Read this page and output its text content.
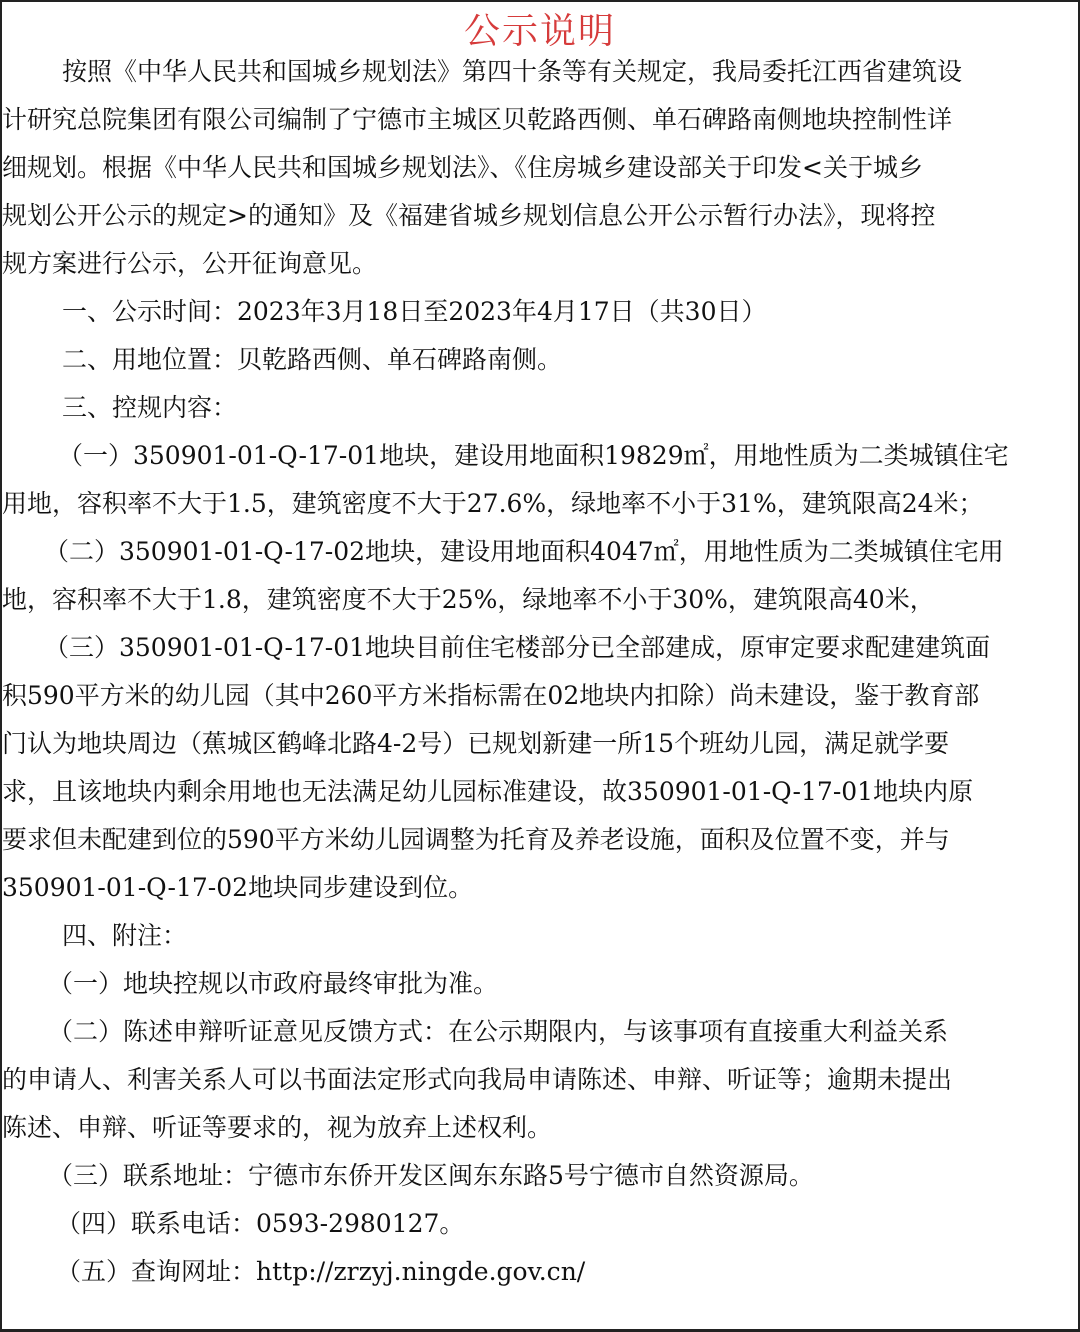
公示说明
按照《中华人民共和国城乡规划法》第四十条等有关规定，我局委托江西省建筑设
计研究总院集团有限公司编制了宁德市主城区贝乾路西侧、单石碑路南侧地块控制性详
细规划。根据《中华人民共和国城乡规划法》、《住房城乡建设部关于印发<关于城乡
规划公开公示的规定>的通知》及《福建省城乡规划信息公开公示暂行办法》，现将控
规方案进行公示，公开征询意见。
一、公示时间：2023年3月18日至2023年4月17日（共30日）
二、用地位置：贝乾路西侧、单石碑路南侧。
三、控规内容：
（一）350901-01-Q-17-01地块，建设用地面积19829㎡，用地性质为二类城镇住宅
用地，容积率不大于1.5，建筑密度不大于27.6%，绿地率不小于31%，建筑限高24米；
（二）350901-01-Q-17-02地块，建设用地面积4047㎡，用地性质为二类城镇住宅用
地，容积率不大于1.8，建筑密度不大于25%，绿地率不小于30%，建筑限高40米，
（三）350901-01-Q-17-01地块目前住宅楼部分已全部建成，原审定要求配建建筑面
积590平方米的幼儿园（其中260平方米指标需在02地块内扣除）尚未建设，鉴于教育部
门认为地块周边（蕉城区鹤峰北路4-2号）已规划新建一所15个班幼儿园，满足就学要
求，且该地块内剩余用地也无法满足幼儿园标准建设，故350901-01-Q-17-01地块内原
要求但未配建到位的590平方米幼儿园调整为托育及养老设施，面积及位置不变，并与
350901-01-Q-17-02地块同步建设到位。
四、附注：
（一）地块控规以市政府最终审批为准。
（二）陈述申辩听证意见反馈方式：在公示期限内，与该事项有直接重大利益关系
的申请人、利害关系人可以书面法定形式向我局申请陈述、申辩、听证等；逾期未提出
陈述、申辩、听证等要求的，视为放弃上述权利。
（三）联系地址：宁德市东侨开发区闽东东路5号宁德市自然资源局。
（四）联系电话：0593-2980127。
（五）查询网址：http://zrzyj.ningde.gov.cn/
